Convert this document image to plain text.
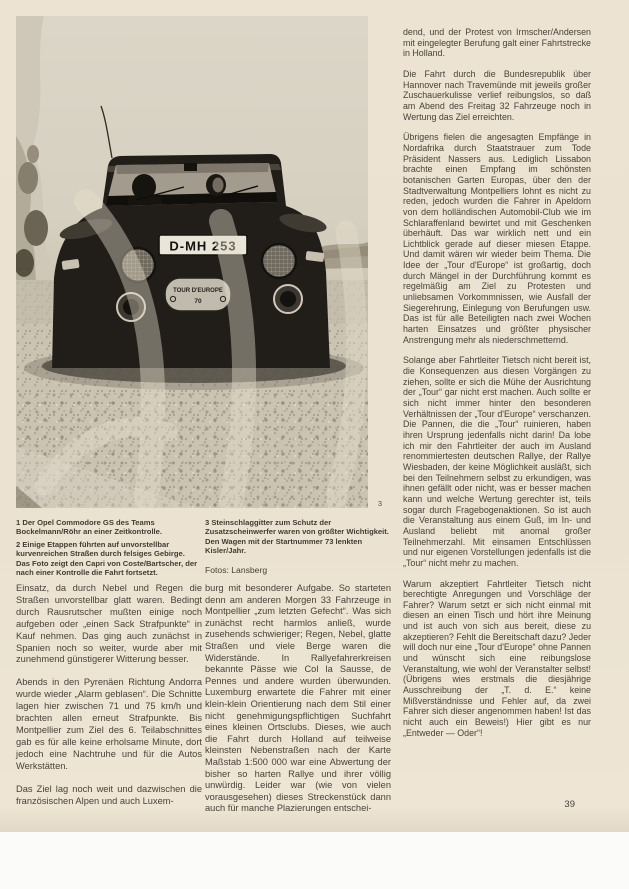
D-MH 253
TOUR D'EUROPE
70
3

1 Der Opel Commodore GS des Teams Bockelmann/Röhr an einer Zeitkontrolle.

2 Einige Etappen führten auf unvorstellbar kurvenreichen Straßen durch felsiges Gebirge. Das Foto zeigt den Capri von Coste/Bartscher, der nach einer Kontrolle die Fahrt fortsetzt.

3 Steinschlaggitter zum Schutz der Zusatzscheinwerfer waren von größter Wichtigkeit. Den Wagen mit der Startnummer 73 lenkten Kisler/Jahr.

Fotos: Lansberg

Einsatz, da durch Nebel und Regen die Straßen unvorstellbar glatt waren. Bedingt durch Rausrutscher mußten einige noch aufgeben oder „einen Sack Strafpunkte“ in Kauf nehmen. Das ging auch zunächst in Spanien noch so weiter, wurde aber mit zunehmend günstigerer Witterung besser.

Abends in den Pyrenäen Richtung Andorra wurde wieder „Alarm geblasen“. Die Schnitte lagen hier zwischen 71 und 75 km/h und brachten allen erneut Strafpunkte. Bis Montpellier zum Ziel des 6. Teilabschnittes gab es für alle keine erholsame Minute, dort jedoch eine Nachtruhe und für die Autos Werkstätten.

Das Ziel lag noch weit und dazwischen die französischen Alpen und auch Luxem-

burg mit besonderer Aufgabe. So starteten denn am anderen Morgen 33 Fahrzeuge in Montpellier „zum letzten Gefecht“. Was sich zunächst recht harmlos anließ, wurde zusehends schwieriger; Regen, Nebel, glatte Straßen und viele Berge waren die Widerstände. In Rallyefahrerkreisen bekannte Pässe wie Col la Sausse, de Pennes und andere wurden überwunden. Luxemburg erwartete die Fahrer mit einer klein-klein Orientierung nach dem Stil einer nicht genehmigungspflichtigen Suchfahrt eines kleinen Ortsclubs. Dieses, wie auch die Fahrt durch Holland auf teilweise kleinsten Nebenstraßen nach der Karte Maßstab 1:500 000 war eine Abwertung der bisher so harten Rallye und ihrer völlig unwürdig. Leider war (wie von vielen vorausgesehen) dieses Streckenstück dann auch für manche Plazierungen entschei-

dend, und der Protest von Irmscher/Andersen mit eingelegter Berufung galt einer Fahrtstrecke in Holland.

Die Fahrt durch die Bundesrepublik über Hannover nach Travemünde mit jeweils großer Zuschauerkulisse verlief reibungslos, so daß am Abend des Freitag 32 Fahrzeuge noch in Wertung das Ziel erreichten.

Übrigens fielen die angesagten Empfänge in Nordafrika durch Staatstrauer zum Tode Präsident Nassers aus. Lediglich Lissabon brachte einen Empfang im schönsten botanischen Garten Europas, über den der Stadtverwaltung Montpelliers lohnt es nicht zu reden, jedoch wurden die Fahrer in Apeldorn von dem holländischen Automobil-Club wie im Schlaraffenland bewirtet und mit Geschenken überhäuft. Das war wirklich nett und ein Lichtblick gerade auf dieser miesen Etappe. Und damit wären wir wieder beim Thema. Die Idee der „Tour d'Europe“ ist großartig, doch durch Mängel in der Durchführung kommt es regelmäßig am Ziel zu Protesten und unliebsamen Vorkommnissen, wie Ausfall der Siegerehrung, Einlegung von Berufungen usw. Das ist für alle Beteiligten nach zwei Wochen harten Einsatzes und größter physischer Anstrengung mehr als niederschmetternd.

Solange aber Fahrtleiter Tietsch nicht bereit ist, die Konsequenzen aus diesen Vorgängen zu ziehen, sollte er sich die Mühe der Ausrichtung der „Tour“ gar nicht erst machen. Auch sollte er sich nicht immer hinter den besonderen Verhältnissen der „Tour d'Europe“ verschanzen. Die Pannen, die die „Tour“ ruinieren, haben ihren Ursprung jedenfalls nicht darin! Da lobe ich mir den Fahrtleiter der auch im Ausland renommiertesten deutschen Rallye, der Rallye Wiesbaden, der keine Möglichkeit ausläßt, sich bei den Teilnehmern selbst zu erkundigen, was ihnen gefällt oder nicht, was er besser machen kann und welche Wertung gerechter ist, teils sogar durch Fragebogenaktionen. So ist auch die Veranstaltung aus einem Guß, im In- und Ausland beliebt mit anomal großer Teilnehmerzahl. Mit einsamen Entschlüssen und nur eigenen Vorstellungen jedenfalls ist die „Tour“ nicht mehr zu machen.

Warum akzeptiert Fahrtleiter Tietsch nicht berechtigte Anregungen und Vorschläge der Fahrer? Warum setzt er sich nicht einmal mit diesen an einen Tisch und hört ihre Meinung und ist auch von sich aus bereit, diese zu akzeptieren? Fehlt die Bereitschaft dazu? Jeder will doch nur eine „Tour d'Europe“ ohne Pannen und wünscht sich eine reibungslose Veranstaltung, wie wohl der Veranstalter selbst! (Übrigens wies erstmals die diesjährige Ausschreibung der „T. d. E.“ keine Mißverständnisse und Fehler auf, da zwei Fahrer sich dieser angenommen haben! Ist das nicht auch ein Beweis!) Hier gibt es nur „Entweder — Oder“!

39
